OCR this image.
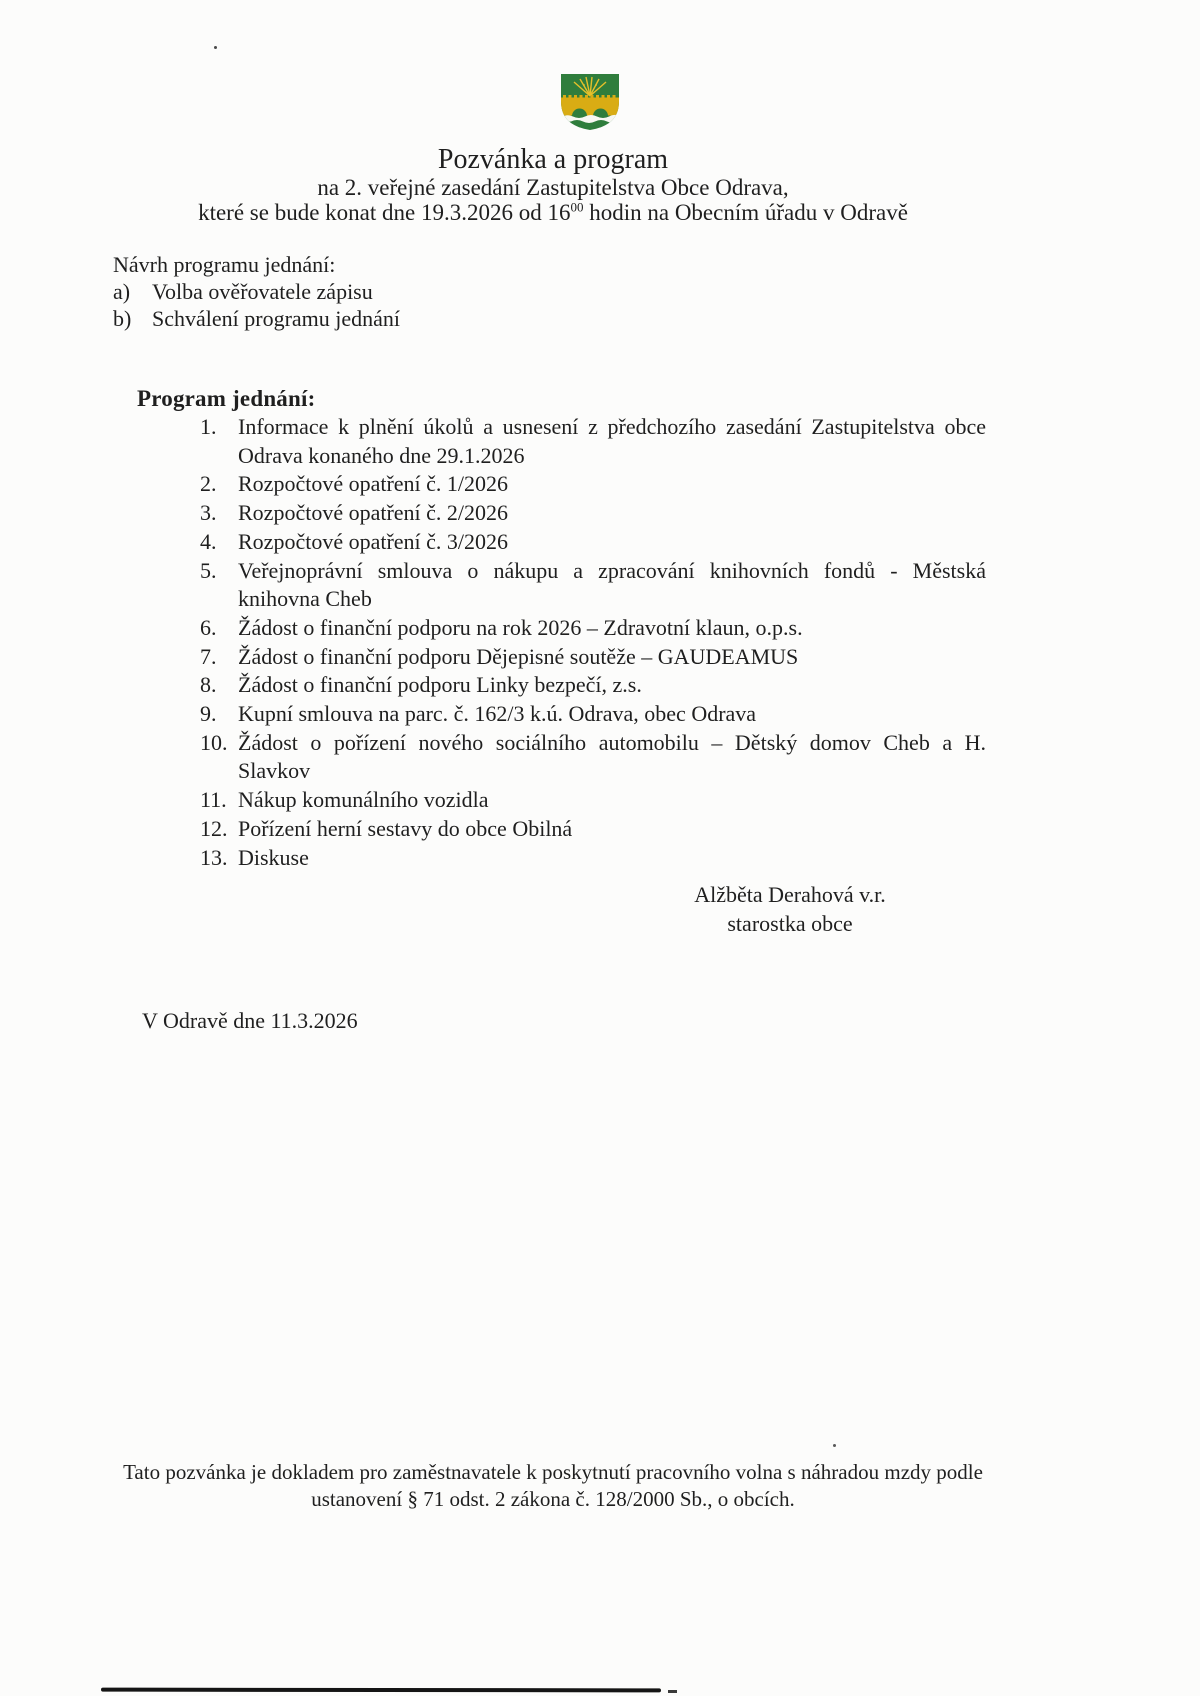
Pozvánka a program
na 2. veřejné zasedání Zastupitelstva Obce Odrava,
které se bude konat dne 19.3.2026 od $16^{00}$ hodin na Obecním úřadu v Odravě
Návrh programu jednání:
a) Volba ověřovatele zápisu
b) Schválení programu jednání
Program jednání:
1. Informace k plnění úkolů a usnesení z předchozího zasedání Zastupitelstva obce Odrava konaného dne 29.1.2026
2. Rozpočtové opatření č. 1/2026
3. Rozpočtové opatření č. 2/2026
4. Rozpočtové opatření č. 3/2026
5. Veřejnoprávní smlouva o nákupu a zpracování knihovních fondů - Městská knihovna Cheb
6. Žádost o finanční podporu na rok 2026 – Zdravotní klaun, o.p.s.
7. Žádost o finanční podporu Dějepisné soutěže – GAUDEAMUS
8. Žádost o finanční podporu Linky bezpečí, z.s.
9. Kupní smlouva na parc. č. 162/3 k.ú. Odrava, obec Odrava
10. Žádost o pořízení nového sociálního automobilu – Dětský domov Cheb a H. Slavkov
11. Nákup komunálního vozidla
12. Pořízení herní sestavy do obce Obilná
13. Diskuse
Alžběta Derahová v.r.
starostka obce
V Odravě dne 11.3.2026
Tato pozvánka je dokladem pro zaměstnavatele k poskytnutí pracovního volna s náhradou mzdy podle
ustanovení § 71 odst. 2 zákona č. 128/2000 Sb., o obcích.
